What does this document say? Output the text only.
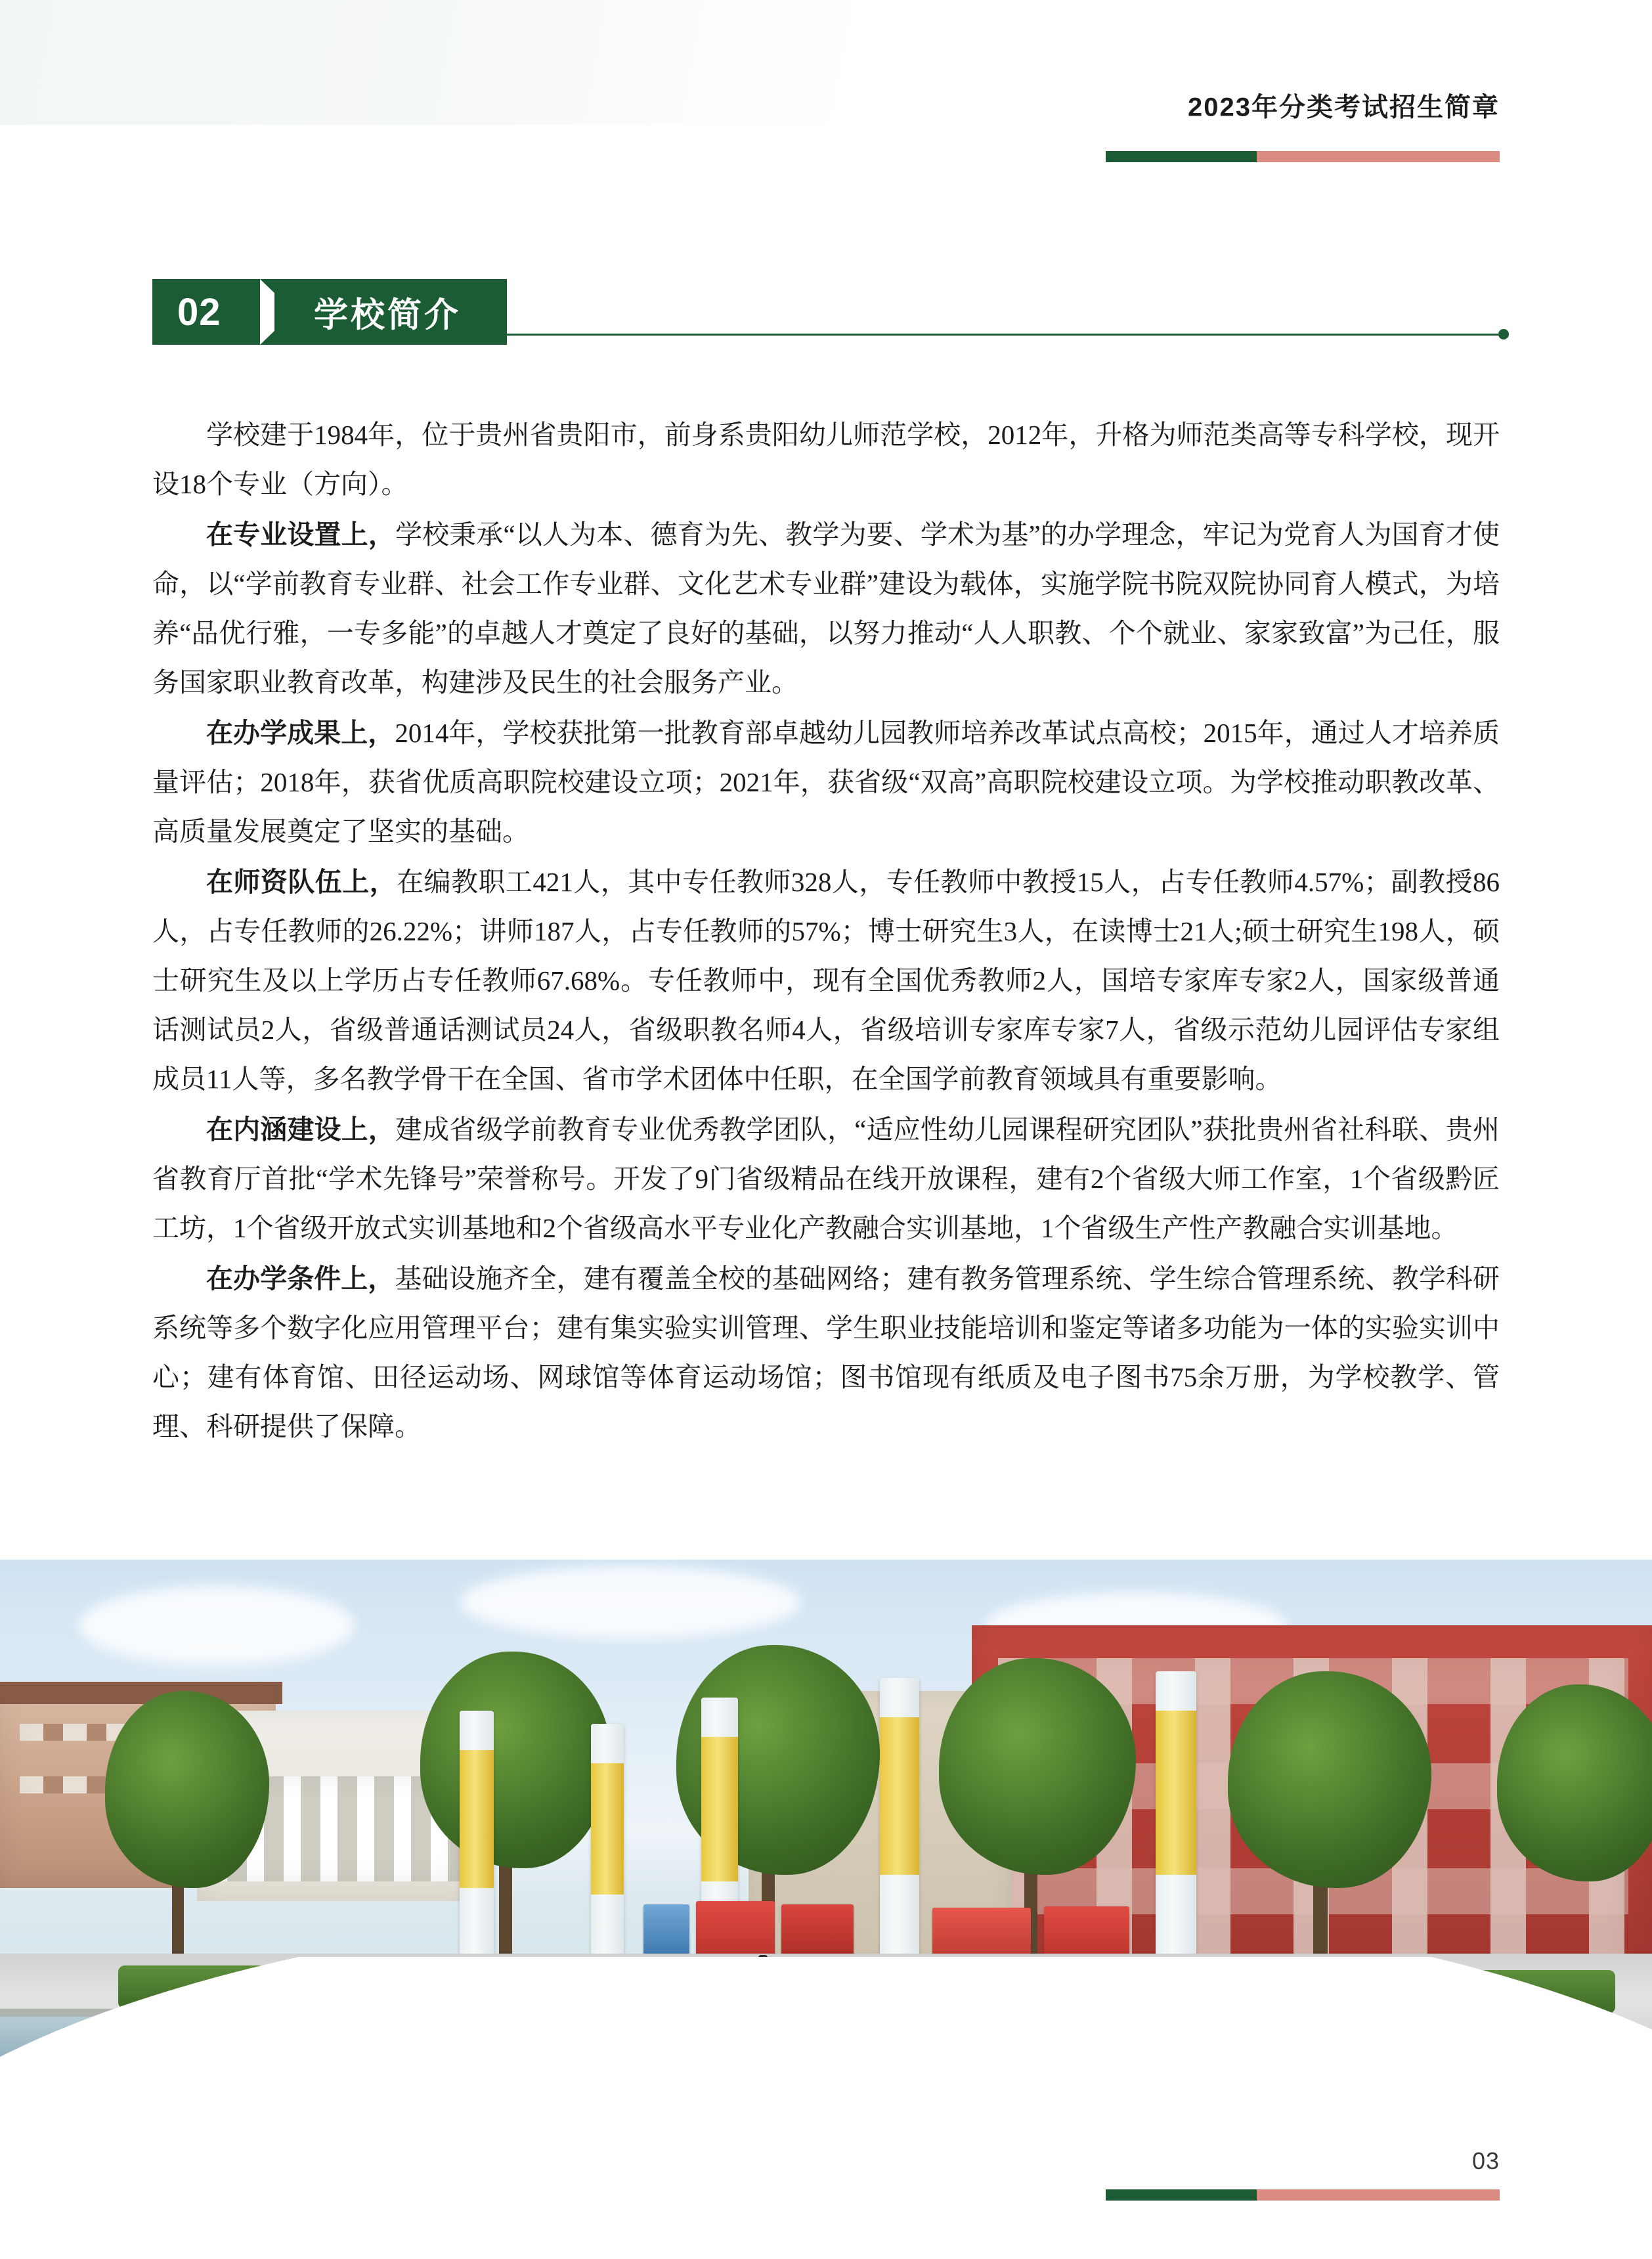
2023年分类考试招生简章
02	学校简介

学校建于1984年，位于贵州省贵阳市，前身系贵阳幼儿师范学校，2012年，升格为师范类高等专科学校，现开设18个专业（方向）。

在专业设置上，学校秉承“以人为本、德育为先、教学为要、学术为基”的办学理念，牢记为党育人为国育才使命，以“学前教育专业群、社会工作专业群、文化艺术专业群”建设为载体，实施学院书院双院协同育人模式，为培养“品优行雅，一专多能”的卓越人才奠定了良好的基础，以努力推动“人人职教、个个就业、家家致富”为己任，服务国家职业教育改革，构建涉及民生的社会服务产业。

在办学成果上，2014年，学校获批第一批教育部卓越幼儿园教师培养改革试点高校；2015年，通过人才培养质量评估；2018年，获省优质高职院校建设立项；2021年，获省级“双高”高职院校建设立项。为学校推动职教改革、高质量发展奠定了坚实的基础。

在师资队伍上，在编教职工421人，其中专任教师328人，专任教师中教授15人，占专任教师4.57%；副教授86人，占专任教师的26.22%；讲师187人，占专任教师的57%；博士研究生3人，在读博士21人;硕士研究生198人，硕士研究生及以上学历占专任教师67.68%。专任教师中，现有全国优秀教师2人，国培专家库专家2人，国家级普通话测试员2人，省级普通话测试员24人，省级职教名师4人，省级培训专家库专家7人，省级示范幼儿园评估专家组成员11人等，多名教学骨干在全国、省市学术团体中任职，在全国学前教育领域具有重要影响。

在内涵建设上，建成省级学前教育专业优秀教学团队，“适应性幼儿园课程研究团队”获批贵州省社科联、贵州省教育厅首批“学术先锋号”荣誉称号。开发了9门省级精品在线开放课程，建有2个省级大师工作室，1个省级黔匠工坊，1个省级开放式实训基地和2个省级高水平专业化产教融合实训基地，1个省级生产性产教融合实训基地。

在办学条件上，基础设施齐全，建有覆盖全校的基础网络；建有教务管理系统、学生综合管理系统、教学科研系统等多个数字化应用管理平台；建有集实验实训管理、学生职业技能培训和鉴定等诸多功能为一体的实验实训中心；建有体育馆、田径运动场、网球馆等体育运动场馆；图书馆现有纸质及电子图书75余万册，为学校教学、管理、科研提供了保障。

03
